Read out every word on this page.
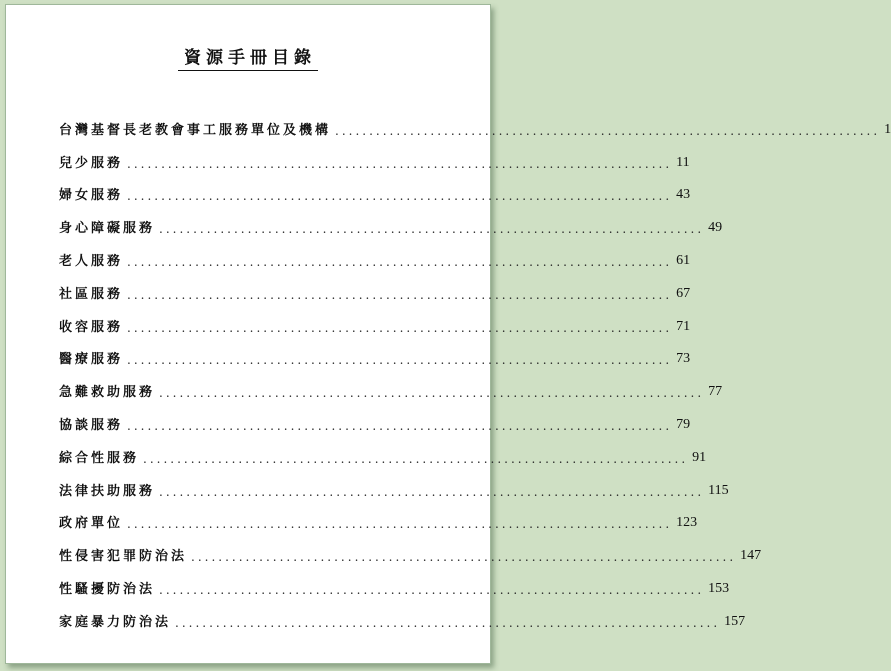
資源手冊目錄
台灣基督長老教會事工服務單位及機構 ................................................................................ 1
兒少服務 ................................................................................ 11
婦女服務 ................................................................................ 43
身心障礙服務 ................................................................................ 49
老人服務 ................................................................................ 61
社區服務 ................................................................................ 67
收容服務 ................................................................................ 71
醫療服務 ................................................................................ 73
急難救助服務 ................................................................................ 77
協談服務 ................................................................................ 79
綜合性服務 ................................................................................ 91
法律扶助服務 ................................................................................ 115
政府單位 ................................................................................ 123
性侵害犯罪防治法 ................................................................................ 147
性騷擾防治法 ................................................................................ 153
家庭暴力防治法 ................................................................................ 157
